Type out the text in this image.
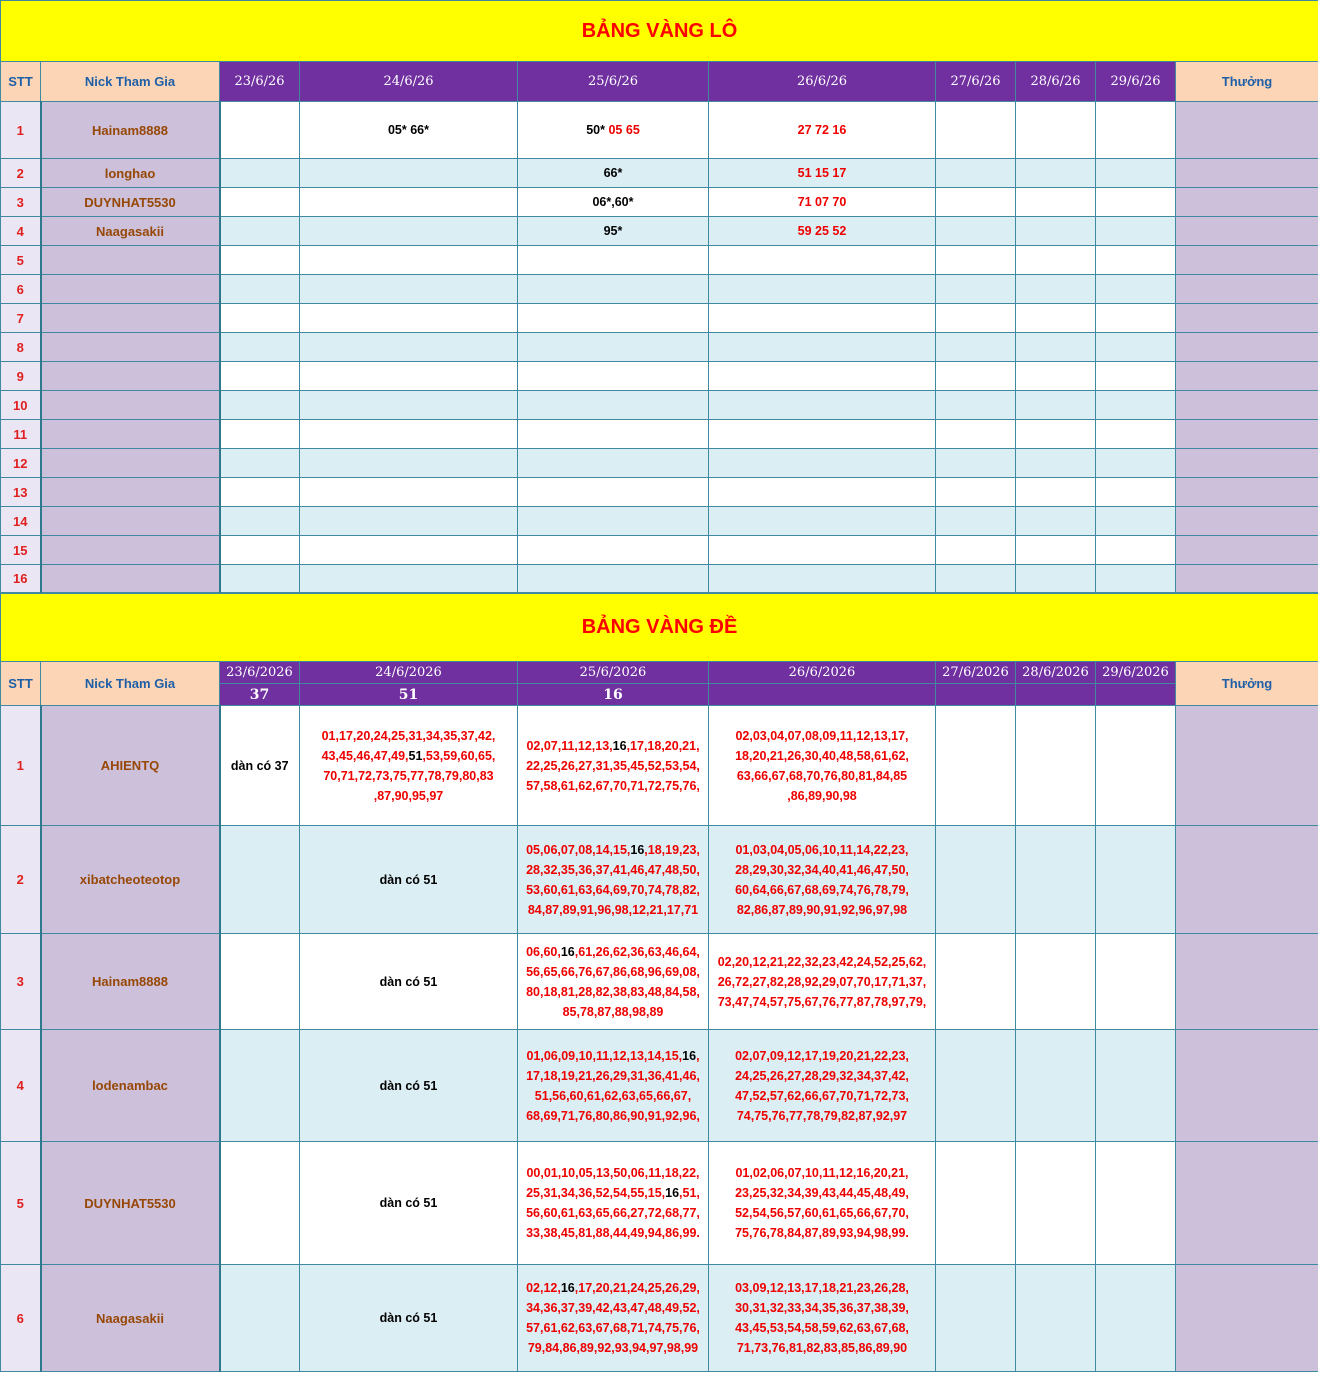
BẢNG VÀNG LÔ									
STT	Nick Tham Gia	23/6/26	24/6/26	25/6/26	26/6/26	27/6/26	28/6/26	29/6/26	Thưởng
1	Hainam8888		05* 66*	50* 05 65	27 72 16				
2	longhao			66*	51 15 17				
3	DUYNHAT5530			06*,60*	71 07 70				
4	Naagasakii			95*	59 25 52				
5									
6									
7									
8									
9									
10									
11									
12									
13									
14									
15									
16									
BẢNG VÀNG ĐỀ									
STT	Nick Tham Gia	23/6/2026	24/6/2026	25/6/2026	26/6/2026	27/6/2026	28/6/2026	29/6/2026	Thưởng
		37	51	16					
1	AHIENTQ	dàn có 37	01,17,20,24,25,31,34,35,37,42,
43,45,46,47,49,51,53,59,60,65,
70,71,72,73,75,77,78,79,80,83
,87,90,95,97	02,07,11,12,13,16,17,18,20,21,
22,25,26,27,31,35,45,52,53,54,
57,58,61,62,67,70,71,72,75,76,	02,03,04,07,08,09,11,12,13,17,
18,20,21,26,30,40,48,58,61,62,
63,66,67,68,70,76,80,81,84,85
,86,89,90,98				
2	xibatcheoteotop		dàn có 51	05,06,07,08,14,15,16,18,19,23,
28,32,35,36,37,41,46,47,48,50,
53,60,61,63,64,69,70,74,78,82,
84,87,89,91,96,98,12,21,17,71	01,03,04,05,06,10,11,14,22,23,
28,29,30,32,34,40,41,46,47,50,
60,64,66,67,68,69,74,76,78,79,
82,86,87,89,90,91,92,96,97,98				
3	Hainam8888		dàn có 51	06,60,16,61,26,62,36,63,46,64,
56,65,66,76,67,86,68,96,69,08,
80,18,81,28,82,38,83,48,84,58,
85,78,87,88,98,89	02,20,12,21,22,32,23,42,24,52,25,62,
26,72,27,82,28,92,29,07,70,17,71,37,
73,47,74,57,75,67,76,77,87,78,97,79,				
4	lodenambac		dàn có 51	01,06,09,10,11,12,13,14,15,16,
17,18,19,21,26,29,31,36,41,46,
51,56,60,61,62,63,65,66,67,
68,69,71,76,80,86,90,91,92,96,	02,07,09,12,17,19,20,21,22,23,
24,25,26,27,28,29,32,34,37,42,
47,52,57,62,66,67,70,71,72,73,
74,75,76,77,78,79,82,87,92,97				
5	DUYNHAT5530		dàn có 51	00,01,10,05,13,50,06,11,18,22,
25,31,34,36,52,54,55,15,16,51,
56,60,61,63,65,66,27,72,68,77,
33,38,45,81,88,44,49,94,86,99.	01,02,06,07,10,11,12,16,20,21,
23,25,32,34,39,43,44,45,48,49,
52,54,56,57,60,61,65,66,67,70,
75,76,78,84,87,89,93,94,98,99.				
6	Naagasakii		dàn có 51	02,12,16,17,20,21,24,25,26,29,
34,36,37,39,42,43,47,48,49,52,
57,61,62,63,67,68,71,74,75,76,
79,84,86,89,92,93,94,97,98,99	03,09,12,13,17,18,21,23,26,28,
30,31,32,33,34,35,36,37,38,39,
43,45,53,54,58,59,62,63,67,68,
71,73,76,81,82,83,85,86,89,90				
